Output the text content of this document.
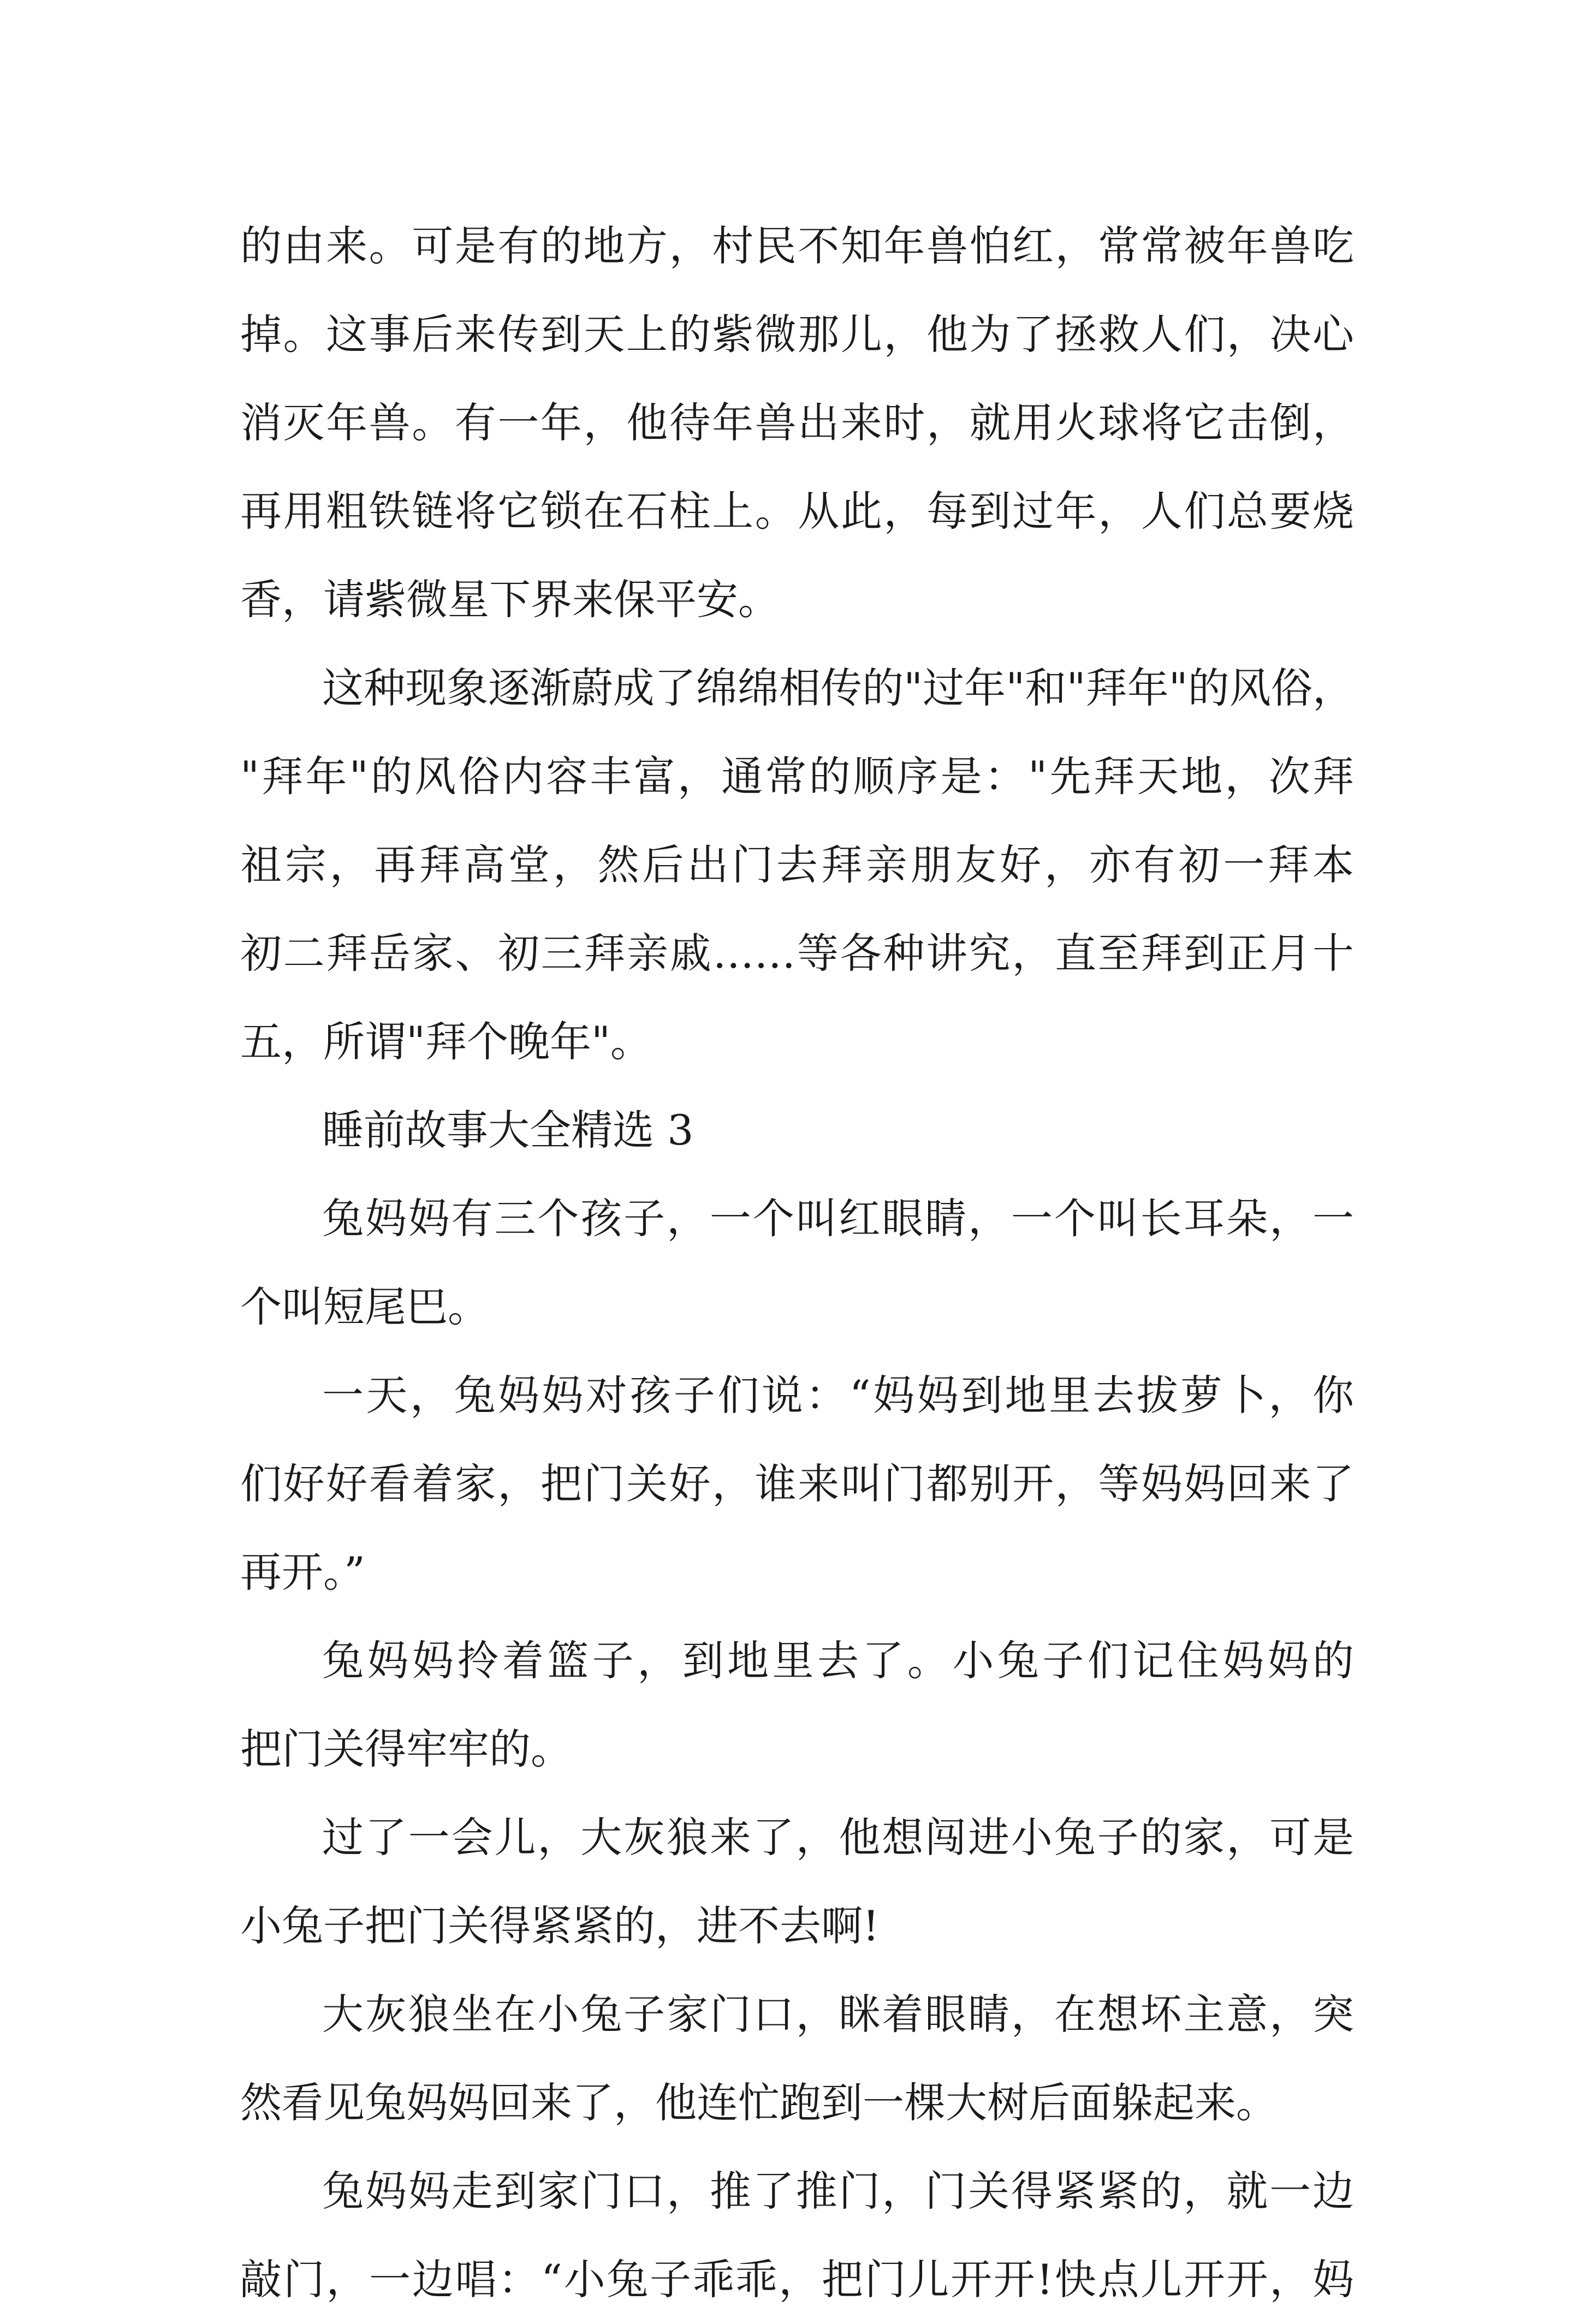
的由来。可是有的地方，村民不知年兽怕红，常常被年兽吃
掉。这事后来传到天上的紫微那儿，他为了拯救人们，决心
消灭年兽。有一年，他待年兽出来时，就用火球将它击倒，
再用粗铁链将它锁在石柱上。从此，每到过年，人们总要烧
香，请紫微星下界来保平安。
这种现象逐渐蔚成了绵绵相传的"过年"和"拜年"的风俗，
"拜年"的风俗内容丰富，通常的顺序是："先拜天地，次拜
祖宗，再拜高堂，然后出门去拜亲朋友好，亦有初一拜本
初二拜岳家、初三拜亲戚……等各种讲究，直至拜到正月十
五，所谓"拜个晚年"。
睡前故事大全精选 3
兔妈妈有三个孩子，一个叫红眼睛，一个叫长耳朵，一
个叫短尾巴。
一天，兔妈妈对孩子们说：“妈妈到地里去拔萝卜，你
们好好看着家，把门关好，谁来叫门都别开，等妈妈回来了
再开。”
兔妈妈拎着篮子，到地里去了。小兔子们记住妈妈的
把门关得牢牢的。
过了一会儿，大灰狼来了，他想闯进小兔子的家，可是
小兔子把门关得紧紧的，进不去啊!
大灰狼坐在小兔子家门口，眯着眼睛，在想坏主意，突
然看见兔妈妈回来了，他连忙跑到一棵大树后面躲起来。
兔妈妈走到家门口，推了推门，门关得紧紧的，就一边
敲门，一边唱：“小兔子乖乖，把门儿开开!快点儿开开，妈
